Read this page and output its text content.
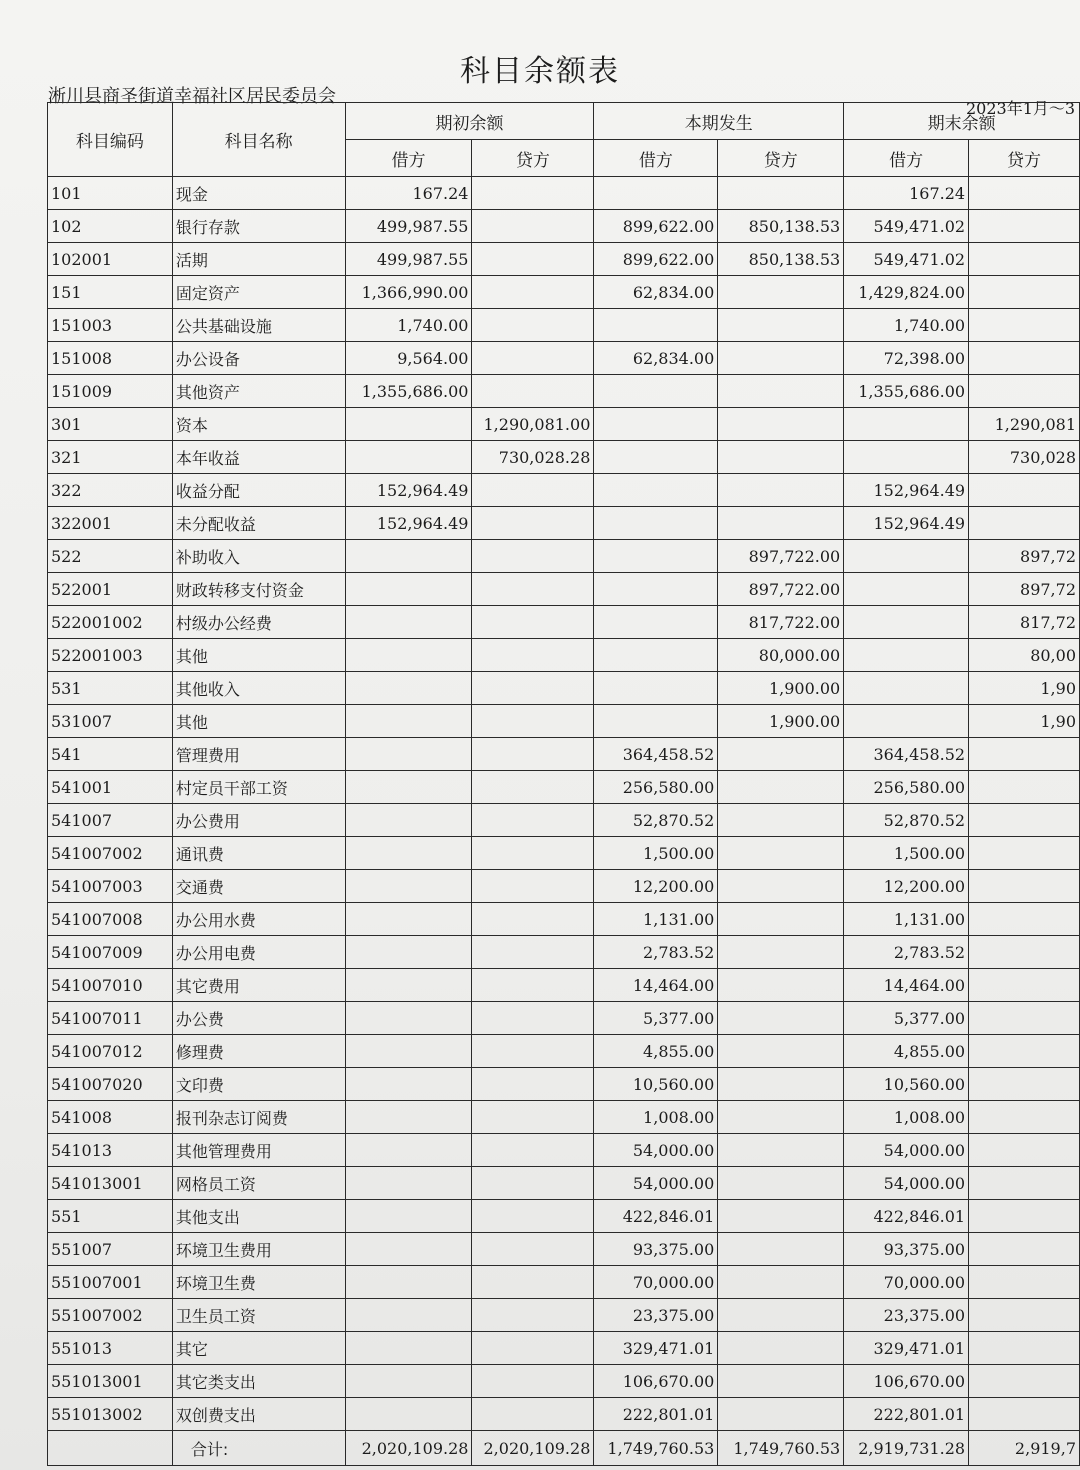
科目余额表
淅川县商圣街道幸福社区居民委员会
2023年1月～3
科目编码	科目名称	期初余额		本期发生		期末余额	
		借方	贷方	借方	贷方	借方	贷方
101	现金	167.24				167.24	
102	银行存款	499,987.55		899,622.00	850,138.53	549,471.02	
102001	活期	499,987.55		899,622.00	850,138.53	549,471.02	
151	固定资产	1,366,990.00		62,834.00		1,429,824.00	
151003	公共基础设施	1,740.00				1,740.00	
151008	办公设备	9,564.00		62,834.00		72,398.00	
151009	其他资产	1,355,686.00				1,355,686.00	
301	资本		1,290,081.00				1,290,081
321	本年收益		730,028.28				730,028
322	收益分配	152,964.49				152,964.49	
322001	未分配收益	152,964.49				152,964.49	
522	补助收入				897,722.00		897,72
522001	财政转移支付资金				897,722.00		897,72
522001002	村级办公经费				817,722.00		817,72
522001003	其他				80,000.00		80,00
531	其他收入				1,900.00		1,90
531007	其他				1,900.00		1,90
541	管理费用			364,458.52		364,458.52	
541001	村定员干部工资			256,580.00		256,580.00	
541007	办公费用			52,870.52		52,870.52	
541007002	通讯费			1,500.00		1,500.00	
541007003	交通费			12,200.00		12,200.00	
541007008	办公用水费			1,131.00		1,131.00	
541007009	办公用电费			2,783.52		2,783.52	
541007010	其它费用			14,464.00		14,464.00	
541007011	办公费			5,377.00		5,377.00	
541007012	修理费			4,855.00		4,855.00	
541007020	文印费			10,560.00		10,560.00	
541008	报刊杂志订阅费			1,008.00		1,008.00	
541013	其他管理费用			54,000.00		54,000.00	
541013001	网格员工资			54,000.00		54,000.00	
551	其他支出			422,846.01		422,846.01	
551007	环境卫生费用			93,375.00		93,375.00	
551007001	环境卫生费			70,000.00		70,000.00	
551007002	卫生员工资			23,375.00		23,375.00	
551013	其它			329,471.01		329,471.01	
551013001	其它类支出			106,670.00		106,670.00	
551013002	双创费支出			222,801.01		222,801.01	
	合计:	2,020,109.28	2,020,109.28	1,749,760.53	1,749,760.53	2,919,731.28	2,919,7
